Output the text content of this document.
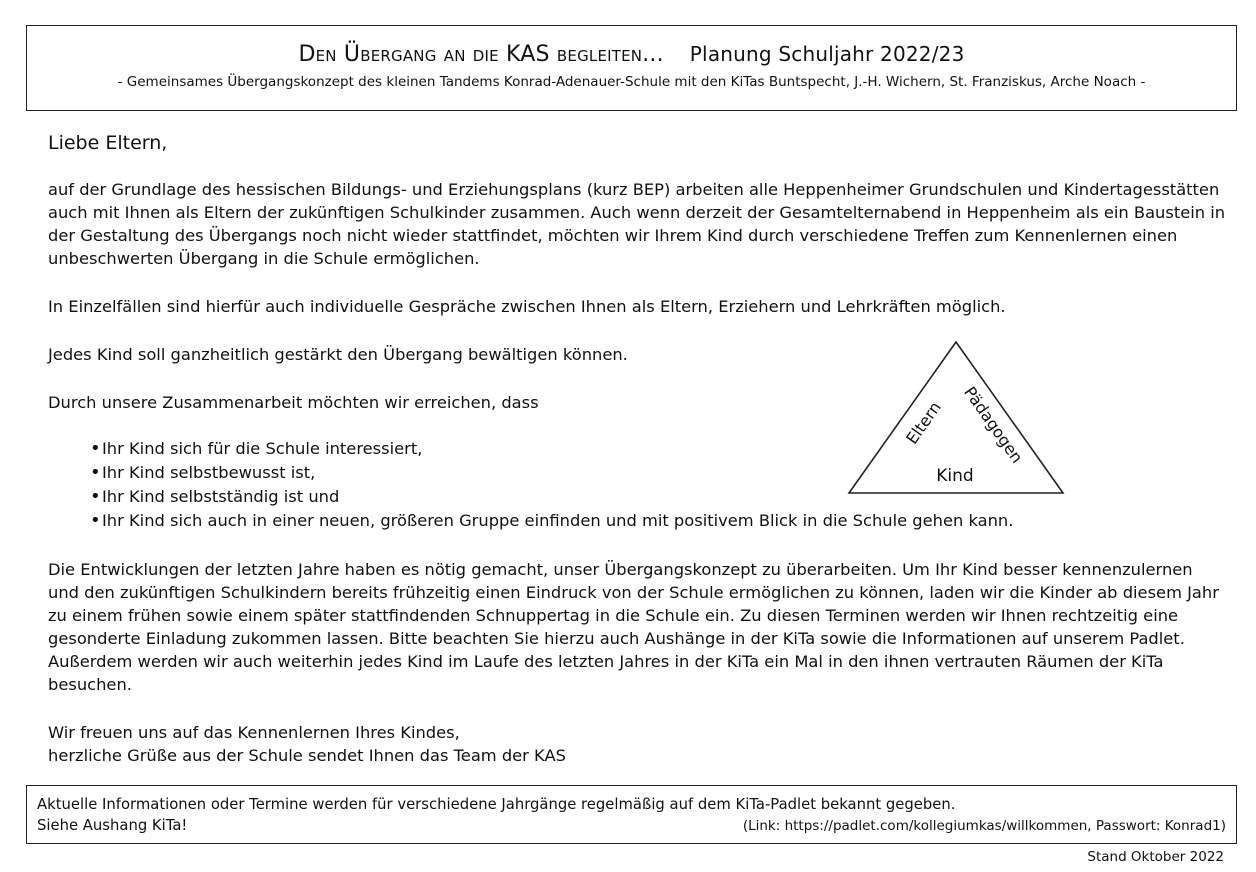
Den Übergang an die KAS begleiten... Planung Schuljahr 2022/23
- Gemeinsames Übergangskonzept des kleinen Tandems Konrad-Adenauer-Schule mit den KiTas Buntspecht, J.-H. Wichern, St. Franziskus, Arche Noach -

Liebe Eltern,

auf der Grundlage des hessischen Bildungs- und Erziehungsplans (kurz BEP) arbeiten alle Heppenheimer Grundschulen und Kindertagesstätten auch mit Ihnen als Eltern der zukünftigen Schulkinder zusammen. Auch wenn derzeit der Gesamtelternabend in Heppenheim als ein Baustein in der Gestaltung des Übergangs noch nicht wieder stattfindet, möchten wir Ihrem Kind durch verschiedene Treffen zum Kennenlernen einen unbeschwerten Übergang in die Schule ermöglichen.

In Einzelfällen sind hierfür auch individuelle Gespräche zwischen Ihnen als Eltern, Erziehern und Lehrkräften möglich.

Jedes Kind soll ganzheitlich gestärkt den Übergang bewältigen können.

Durch unsere Zusammenarbeit möchten wir erreichen, dass

• Ihr Kind sich für die Schule interessiert,
• Ihr Kind selbstbewusst ist,
• Ihr Kind selbstständig ist und
• Ihr Kind sich auch in einer neuen, größeren Gruppe einfinden und mit positivem Blick in die Schule gehen kann.

Die Entwicklungen der letzten Jahre haben es nötig gemacht, unser Übergangskonzept zu überarbeiten. Um Ihr Kind besser kennenzulernen und den zukünftigen Schulkindern bereits frühzeitig einen Eindruck von der Schule ermöglichen zu können, laden wir die Kinder ab diesem Jahr zu einem frühen sowie einem später stattfindenden Schnuppertag in die Schule ein. Zu diesen Terminen werden wir Ihnen rechtzeitig eine gesonderte Einladung zukommen lassen. Bitte beachten Sie hierzu auch Aushänge in der KiTa sowie die Informationen auf unserem Padlet. Außerdem werden wir auch weiterhin jedes Kind im Laufe des letzten Jahres in der KiTa ein Mal in den ihnen vertrauten Räumen der KiTa besuchen.

Wir freuen uns auf das Kennenlernen Ihres Kindes,

herzliche Grüße aus der Schule sendet Ihnen das Team der KAS

Eltern Pädagogen
Kind
Aktuelle Informationen oder Termine werden für verschiedene Jahrgänge regelmäßig auf dem KiTa-Padlet bekannt gegeben.
Siehe Aushang KiTa!	(Link: https://padlet.com/kollegiumkas/willkommen, Passwort: Konrad1)
Stand Oktober 2022
